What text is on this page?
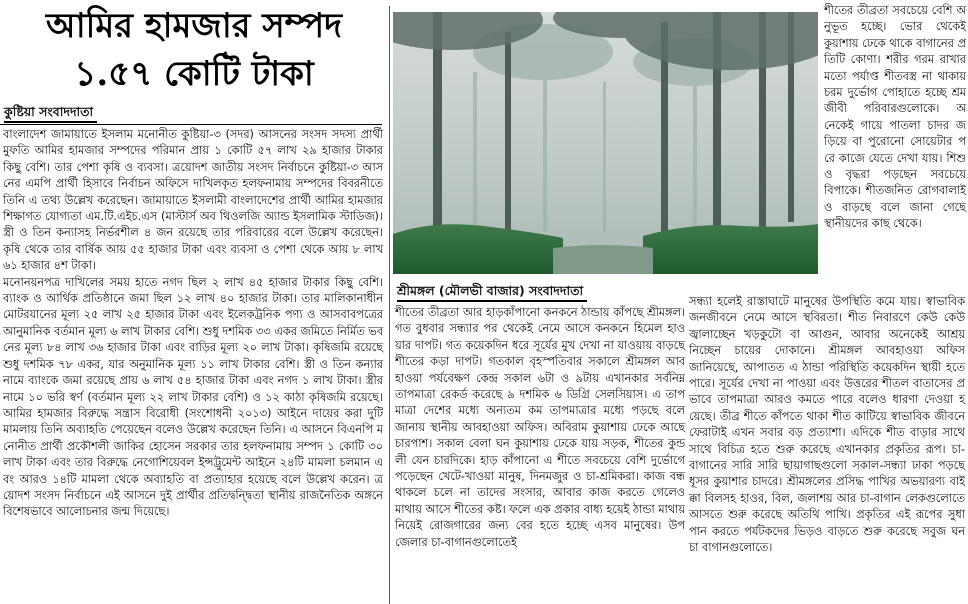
আমির হামজার সম্পদ
১.৫৭ কোটি টাকা
কুষ্টিয়া সংবাদদাতা

বাংলাদেশ জামায়াতে ইসলাম মনোনীত কুষ্টিয়া-৩ (সদর) আসনের সংসদ সদস্য প্রার্থী মুফতি আমির হামজার সম্পদের পরিমান প্রায় ১ কোটি ৫৭ লাখ ২৯ হাজার টাকার কিছু বেশি। তার পেশা কৃষি ও ব্যবসা। ত্রয়োদশ জাতীয় সংসদ নির্বাচনে কুষ্টিয়া-৩ আসনের এমপি প্রার্থী হিসাবে নির্বাচন অফিসে দাখিলকৃত হলফনামায় সম্পদের বিবরনীতে তিনি এ তথ্য উল্লেখ করেছেন। জামায়াতে ইসলামী বাংলাদেশের প্রার্থী আমির হামজার শিক্ষাগত যোগ্যতা এম.টি.এইচ.এস (মাস্টার্স অব থিওলজি অ্যান্ড ইসলামিক স্টাডিজ)। স্ত্রী ও তিন কন্যাসহ নির্ভরশীল ৪ জন রয়েছে তার পরিবারের বলে উল্লেখ করেছেন। কৃষি থেকে তার বার্ষিক আয় ৫৫ হাজার টাকা এবং ব্যবসা ও পেশা থেকে আয় ৮ লাখ ৬১ হাজার ৪শ টাকা।

মনোনয়নপত্র দাখিলের সময় হাতে নগদ ছিল ২ লাখ ৪৫ হাজার টাকার কিছু বেশি। ব্যাংক ও আর্থিক প্রতিষ্ঠানে জমা ছিল ১২ লাখ ৪০ হাজার টাকা। তার মালিকানাধীন মোটরযানের মূল্য ২৫ লাখ ২৫ হাজার টাকা এবং ইলেকট্রনিক পণ্য ও আসবাবপত্রের আনুমানিক বর্তমান মূল্য ৬ লাখ টাকার বেশি। শুধু দশমিক ৩৩ একর জমিতে নির্মিত ভবনের মূল্য ৮৪ লাখ ৩৬ হাজার টাকা এবং বাড়ির মূল্য ২০ লাখ টাকা। কৃষিজমি রয়েছে শুধু দশমিক ৭৮ একর, যার অনুমানিক মূল্য ১১ লাখ টাকার বেশি। স্ত্রী ও তিন কন্যার নামে ব্যাংকে জমা রয়েছে প্রায় ৬ লাখ ৫৪ হাজার টাকা এবং নগদ ১ লাখ টাকা। স্ত্রীর নামে ১০ ভরি স্বর্ণ (বর্তমান মূল্য ২২ লাখ টাকার বেশি) ও ১২ কাঠা কৃষিজমি রয়েছে। আমির হামজার বিরুদ্ধে সন্ত্রাস বিরোধী (সংশোধনী ২০১৩) আইনে দায়ের করা দুটি মামলায় তিনি অব্যাহতি পেয়েছেন বলেও উল্লেখ করেছেন তিনি। এ আসনে বিএনপি মনোনীত প্রার্থী প্রকৌশলী জাকির হোসেন সরকার তার হলফনামায় সম্পদ ১ কোটি ৩০ লাখ টাকা এবং তার বিরুদ্ধে নেগোশিয়েবল ইন্সট্রুমেন্ট আইনে ২৪টি মামলা চলমান এবং আরও ১৪টি মামলা থেকে অব্যাহতি বা প্রত্যাহার হয়েছে বলে উল্লেখ করেন। ত্রয়োদশ সংসদ নির্বাচনে এই আসনে দুই প্রার্থীর প্রতিদ্বন্দ্বিতা স্থানীয় রাজনৈতিক অঙ্গনে বিশেষভাবে আলোচনার জন্ম দিয়েছে।

শ্রীমঙ্গল (মৌলভী বাজার) সংবাদদাতা

শীতের তীব্রতা আর হাড়কাঁপানো কনকনে ঠান্ডায় কাঁপছে শ্রীমঙ্গল। গত বুধবার সন্ধ্যার পর থেকেই নেমে আসে কনকনে হিমেল হাওয়ার দাপট। গত কয়েকদিন ধরে সূর্যের মুখ দেখা না যাওয়ায় বাড়ছে শীতের কড়া দাপট। গতকাল বৃহস্পতিবার সকালে শ্রীমঙ্গল আবহাওয়া পর্যবেক্ষণ কেন্দ্র সকাল ৬টা ও ৯টায় এখানকার সর্বনিম্ন তাপমাত্রা রেকর্ড করেছে ৯ দশমিক ৬ ডিগ্রি সেলসিয়াস। এ তাপমাত্রা দেশের মধ্যে অন্যতম কম তাপমাত্রার মধ্যে পড়ছে বলে জানায় স্থানীয় আবহাওয়া অফিস। অবিরাম কুয়াশায় ঢেকে আছে চারপাশ। সকাল বেলা ঘন কুয়াশায় ঢেকে যায় সড়ক, শীতের কুন্ডলী যেন চারদিকে। হাড় কাঁপানো এ শীতে সবচেয়ে বেশি দুর্ভোগে পড়েছেন খেটে-খাওয়া মানুষ, দিনমজুর ও চা-শ্রমিকরা। কাজ বন্ধ থাকলে চলে না তাদের সংসার, আবার কাজ করতে গেলেও মাথায় আসে শীতের কষ্ট। ফলে এক প্রকার বাধ্য হয়েই ঠান্ডা মাথায় নিয়েই রোজগারের জন্য বের হতে হচ্ছে এসব মানুষের। উপজেলার চা-বাগানগুলোতেই

শীতের তীব্রতা সবচেয়ে বেশি অনুভূত হচ্ছে। ভোর থেকেই কুয়াশায় ঢেকে থাকে বাগানের প্রতিটি কোণা। শরীর গরম রাখার মতো পর্যাপ্ত শীতবস্ত্র না থাকায় চরম দুর্ভোগ পোহাতে হচ্ছে শ্রমজীবী পরিবারগুলোকে। অনেকেই গায়ে পাতলা চাদর জড়িয়ে বা পুরোনো সোয়েটার পরে কাজে যেতে দেখা যায়। শিশু ও বৃদ্ধরা পড়ছেন সবচেয়ে বিপাকে। শীতজনিত রোগবালাইও বাড়ছে বলে জানা গেছে স্থানীয়দের কাছ থেকে।

সন্ধ্যা হলেই রাস্তাঘাটে মানুষের উপস্থিতি কমে যায়। স্বাভাবিক জনজীবনে নেমে আসে স্থবিরতা। শীত নিবারণে কেউ কেউ জ্বালাচ্ছেন খড়কুটো বা আগুন, আবার অনেকেই আশ্রয় নিচ্ছেন চায়ের দোকানে। শ্রীমঙ্গল আবহাওয়া অফিস জানিয়েছে, আপাতত এ ঠান্ডা পরিস্থিতি কয়েকদিন স্থায়ী হতে পারে। সূর্যের দেখা না পাওয়া এবং উত্তরের শীতল বাতাসের প্রভাবে তাপমাত্রা আরও কমতে পারে বলেও ধারণা দেওয়া হয়েছে। তীব্র শীতে কাঁপতে থাকা শীত কাটিয়ে স্বাভাবিক জীবনে ফেরাটাই এখন সবার বড় প্রত্যাশা। এদিকে শীত বাড়ার সাথে সাথে বিচিত্র হতে শুরু করেছে এখানকার প্রকৃতির রূপ। চা-বাগানের সারি সারি ছায়াগাছগুলো সকাল-সন্ধ্যা ঢাকা পড়ছে ধূসর কুয়াশার চাদরে। শ্রীমঙ্গলের প্রসিদ্ধ পাখির অভয়ারণ্য বাইক্কা বিলসহ হাওর, বিল, জলাশয় আর চা-বাগান লেকগুলোতে আসতে শুরু করেছে অতিথি পাখি। প্রকৃতির এই রূপের সুধা পান করতে পর্যটকদের ভিড়ও বাড়তে শুরু করেছে সবুজ ঘন চা বাগানগুলোতে।
